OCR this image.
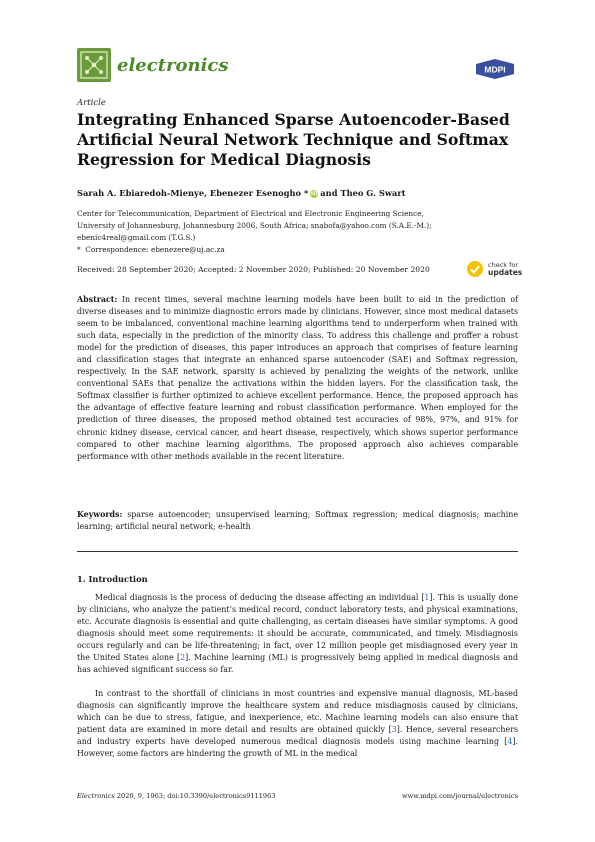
electronics	MDPI
Article
Integrating Enhanced Sparse Autoencoder-Based Artificial Neural Network Technique and Softmax Regression for Medical Diagnosis
Sarah A. Ebiaredoh-Mienye, Ebenezer Esenogho * iD and Theo G. Swart
Center for Telecommunication, Department of Electrical and Electronic Engineering Science,
University of Johannesburg, Johannesburg 2006, South Africa; snabofa@yahoo.com (S.A.E.-M.);
ebenic4real@gmail.com (T.G.S.)
* Correspondence: ebenezere@uj.ac.za
Received: 28 September 2020; Accepted: 2 November 2020; Published: 20 November 2020	check for
updates
Abstract: In recent times, several machine learning models have been built to aid in the prediction of diverse diseases and to minimize diagnostic errors made by clinicians. However, since most medical datasets seem to be imbalanced, conventional machine learning algorithms tend to underperform when trained with such data, especially in the prediction of the minority class. To address this challenge and proffer a robust model for the prediction of diseases, this paper introduces an approach that comprises of feature learning and classification stages that integrate an enhanced sparse autoencoder (SAE) and Softmax regression, respectively. In the SAE network, sparsity is achieved by penalizing the weights of the network, unlike conventional SAEs that penalize the activations within the hidden layers. For the classification task, the Softmax classifier is further optimized to achieve excellent performance. Hence, the proposed approach has the advantage of effective feature learning and robust classification performance. When employed for the prediction of three diseases, the proposed method obtained test accuracies of 98%, 97%, and 91% for chronic kidney disease, cervical cancer, and heart disease, respectively, which shows superior performance compared to other machine learning algorithms. The proposed approach also achieves comparable performance with other methods available in the recent literature.
Keywords: sparse autoencoder; unsupervised learning; Softmax regression; medical diagnosis; machine learning; artificial neural network; e-health
1. Introduction
Medical diagnosis is the process of deducing the disease affecting an individual [1]. This is usually done by clinicians, who analyze the patient’s medical record, conduct laboratory tests, and physical examinations, etc. Accurate diagnosis is essential and quite challenging, as certain diseases have similar symptoms. A good diagnosis should meet some requirements: it should be accurate, communicated, and timely. Misdiagnosis occurs regularly and can be life-threatening; in fact, over 12 million people get misdiagnosed every year in the United States alone [2]. Machine learning (ML) is progressively being applied in medical diagnosis and has achieved significant success so far.
In contrast to the shortfall of clinicians in most countries and expensive manual diagnosis, ML-based diagnosis can significantly improve the healthcare system and reduce misdiagnosis caused by clinicians, which can be due to stress, fatigue, and inexperience, etc. Machine learning models can also ensure that patient data are examined in more detail and results are obtained quickly [3]. Hence, several researchers and industry experts have developed numerous medical diagnosis models using machine learning [4]. However, some factors are hindering the growth of ML in the medical
Electronics 2020, 9, 1963; doi:10.3390/electronics9111963	www.mdpi.com/journal/electronics
